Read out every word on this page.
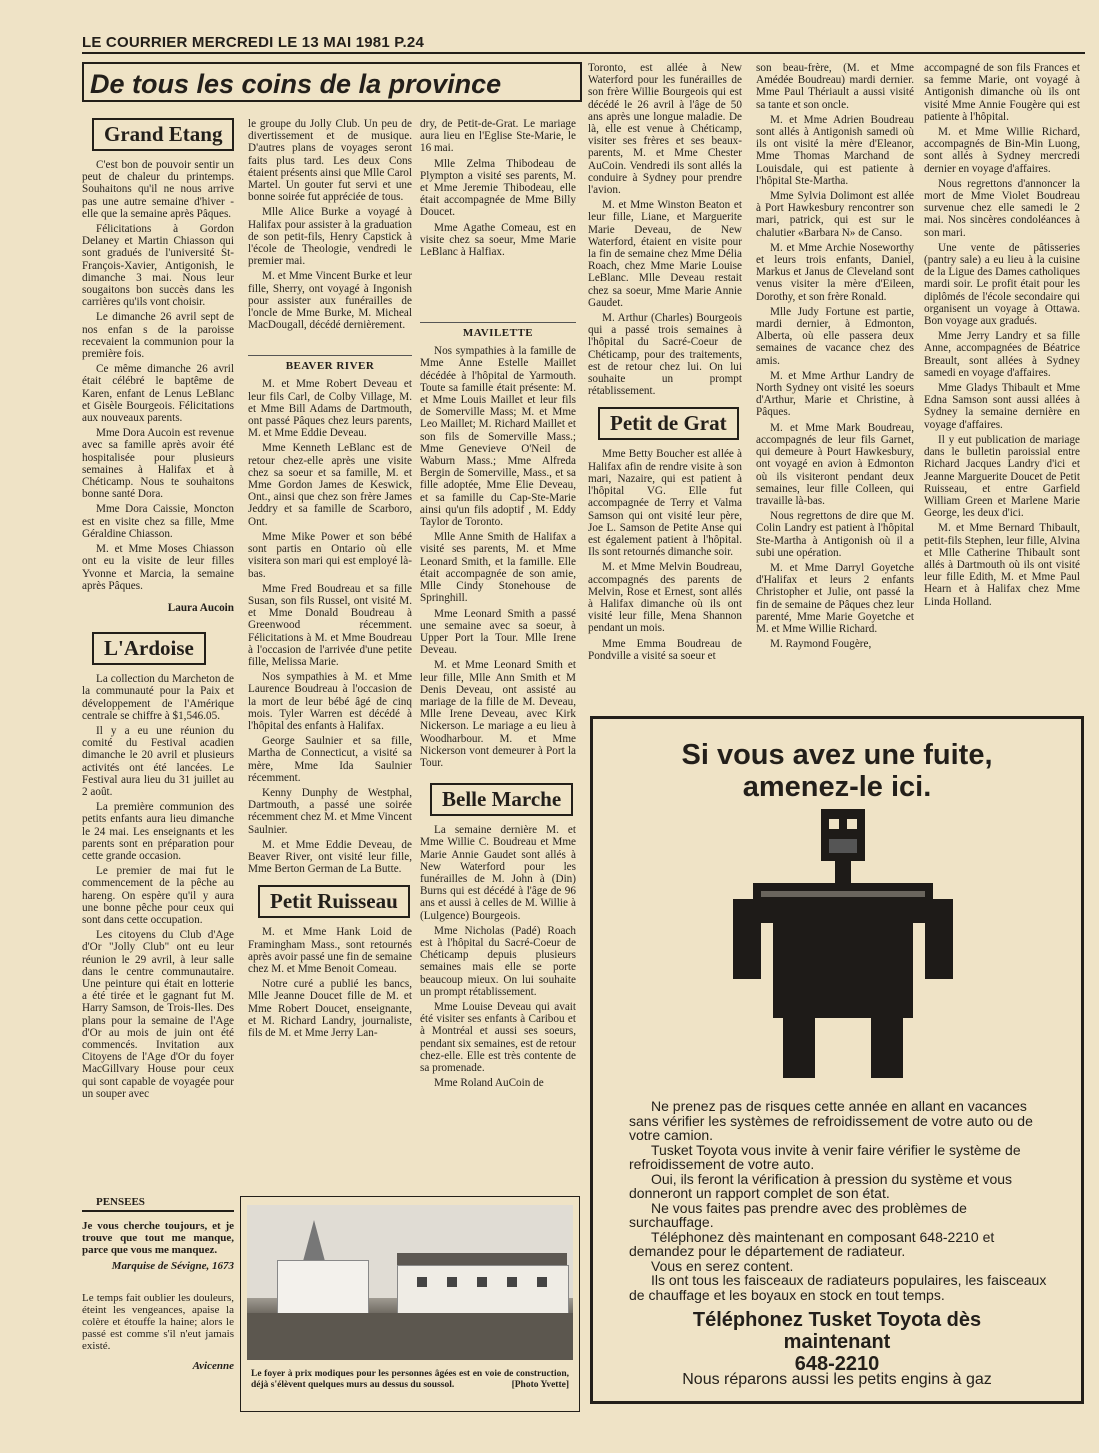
LE COURRIER MERCREDI LE 13 MAI 1981 P.24
De tous les coins de la province
Grand Etang

C'est bon de pouvoir sentir un peut de chaleur du printemps. Souhaitons qu'il ne nous arrive pas une autre semaine d'hiver - elle que la semaine après Pâques.

Félicitations à Gordon Delaney et Martin Chiasson qui sont gradués de l'université St-François-Xavier, Antigonish, le dimanche 3 mai. Nous leur sougaitons bon succès dans les carrières qu'ils vont choisir.

Le dimanche 26 avril sept de nos enfan s de la paroisse recevaient la communion pour la première fois.

Ce même dimanche 26 avril était célébré le baptême de Karen, enfant de Lenus LeBlanc et Gisèle Bourgeois. Félicitations aux nouveaux parents.

Mme Dora Aucoin est revenue avec sa famille après avoir été hospitalisée pour plusieurs semaines à Halifax et à Chéticamp. Nous te souhaitons bonne santé Dora.

Mme Dora Caissie, Moncton est en visite chez sa fille, Mme Géraldine Chiasson.

M. et Mme Moses Chiasson ont eu la visite de leur filles Yvonne et Marcia, la semaine après Pâques.

Laura Aucoin

L'Ardoise

La collection du Marcheton de la communauté pour la Paix et développement de l'Amérique centrale se chiffre à $1,546.05.

Il y a eu une réunion du comité du Festival acadien dimanche le 20 avril et plusieurs activités ont été lancées. Le Festival aura lieu du 31 juillet au 2 août.

La première communion des petits enfants aura lieu dimanche le 24 mai. Les enseignants et les parents sont en préparation pour cette grande occasion.

Le premier de mai fut le commencement de la pêche au hareng. On espère qu'il y aura une bonne pêche pour ceux qui sont dans cette occupation.

Les citoyens du Club d'Age d'Or "Jolly Club" ont eu leur réunion le 29 avril, à leur salle dans le centre communautaire. Une peinture qui était en lotterie a été tirée et le gagnant fut M. Harry Samson, de Trois-Iles. Des plans pour la semaine de l'Age d'Or au mois de juin ont été commencés. Invitation aux Citoyens de l'Age d'Or du foyer MacGillvary House pour ceux qui sont capable de voyagée pour un souper avec

le groupe du Jolly Club. Un peu de divertissement et de musique. D'autres plans de voyages seront faits plus tard. Les deux Cons étaient présents ainsi que Mlle Carol Martel. Un gouter fut servi et une bonne soirée fut appréciée de tous.

Mlle Alice Burke a voyagé à Halifax pour assister à la graduation de son petit-fils, Henry Capstick à l'école de Theologie, vendredi le premier mai.

M. et Mme Vincent Burke et leur fille, Sherry, ont voyagé à Ingonish pour assister aux funérailles de l'oncle de Mme Burke, M. Micheal MacDougall, décédé dernièrement.

BEAVER RIVER

M. et Mme Robert Deveau et leur fils Carl, de Colby Village, M. et Mme Bill Adams de Dartmouth, ont passé Pâques chez leurs parents, M. et Mme Eddie Deveau.

Mme Kenneth LeBlanc est de retour chez-elle après une visite chez sa soeur et sa famille, M. et Mme Gordon James de Keswick, Ont., ainsi que chez son frère James Jeddry et sa famille de Scarboro, Ont.

Mme Mike Power et son bébé sont partis en Ontario où elle visitera son mari qui est employé là-bas.

Mme Fred Boudreau et sa fille Susan, son fils Russel, ont visité M. et Mme Donald Boudreau à Greenwood récemment. Félicitations à M. et Mme Boudreau à l'occasion de l'arrivée d'une petite fille, Melissa Marie.

Nos sympathies à M. et Mme Laurence Boudreau à l'occasion de la mort de leur bébé âgé de cinq mois. Tyler Warren est décédé à l'hôpital des enfants à Halifax.

George Saulnier et sa fille, Martha de Connecticut, a visité sa mère, Mme Ida Saulnier récemment.

Kenny Dunphy de Westphal, Dartmouth, a passé une soirée récemment chez M. et Mme Vincent Saulnier.

M. et Mme Eddie Deveau, de Beaver River, ont visité leur fille, Mme Berton German de La Butte.

Petit Ruisseau

M. et Mme Hank Loid de Framingham Mass., sont retournés après avoir passé une fin de semaine chez M. et Mme Benoit Comeau.

Notre curé a publié les bancs, Mlle Jeanne Doucet fille de M. et Mme Robert Doucet, enseignante, et M. Richard Landry, journaliste, fils de M. et Mme Jerry Lan-

dry, de Petit-de-Grat. Le mariage aura lieu en l'Eglise Ste-Marie, le 16 mai.

Mlle Zelma Thibodeau de Plympton a visité ses parents, M. et Mme Jeremie Thibodeau, elle était accompagnée de Mme Billy Doucet.

Mme Agathe Comeau, est en visite chez sa soeur, Mme Marie LeBlanc à Halfiax.

MAVILETTE

Nos sympathies à la famille de Mme Anne Estelle Maillet décédée à l'hôpital de Yarmouth. Toute sa famille était présente: M. et Mme Louis Maillet et leur fils de Somerville Mass; M. et Mme Leo Maillet; M. Richard Maillet et son fils de Somerville Mass.; Mme Genevieve O'Neil de Waburn Mass.; Mme Alfreda Bergin de Somerville, Mass., et sa fille adoptée, Mme Elie Deveau, et sa famille du Cap-Ste-Marie ainsi qu'un fils adoptif , M. Eddy Taylor de Toronto.

Mlle Anne Smith de Halifax a visité ses parents, M. et Mme Leonard Smith, et la famille. Elle était accompagnée de son amie, Mlle Cindy Stonehouse de Springhill.

Mme Leonard Smith a passé une semaine avec sa soeur, à Upper Port la Tour. Mlle Irene Deveau.

M. et Mme Leonard Smith et leur fille, Mlle Ann Smith et M Denis Deveau, ont assisté au mariage de la fille de M. Deveau, Mlle Irene Deveau, avec Kirk Nickerson. Le mariage a eu lieu à Woodharbour. M. et Mme Nickerson vont demeurer à Port la Tour.

Belle Marche

La semaine dernière M. et Mme Willie C. Boudreau et Mme Marie Annie Gaudet sont allés à New Waterford pour les funérailles de M. John à (Din) Burns qui est décédé à l'âge de 96 ans et aussi à celles de M. Willie à (Lulgence) Bourgeois.

Mme Nicholas (Padé) Roach est à l'hôpital du Sacré-Coeur de Chéticamp depuis plusieurs semaines mais elle se porte beaucoup mieux. On lui souhaite un prompt rétablissement.

Mme Louise Deveau qui avait été visiter ses enfants à Caribou et à Montréal et aussi ses soeurs, pendant six semaines, est de retour chez-elle. Elle est très contente de sa promenade.

Mme Roland AuCoin de

Toronto, est allée à New Waterford pour les funérailles de son frère Willie Bourgeois qui est décédé le 26 avril à l'âge de 50 ans après une longue maladie. De là, elle est venue à Chéticamp, visiter ses frères et ses beaux-parents, M. et Mme Chester AuCoin. Vendredi ils sont allés la conduire à Sydney pour prendre l'avion.

M. et Mme Winston Beaton et leur fille, Liane, et Marguerite Marie Deveau, de New Waterford, étaient en visite pour la fin de semaine chez Mme Délia Roach, chez Mme Marie Louise LeBlanc. Mlle Deveau restait chez sa soeur, Mme Marie Annie Gaudet.

M. Arthur (Charles) Bourgeois qui a passé trois semaines à l'hôpital du Sacré-Coeur de Chéticamp, pour des traitements, est de retour chez lui. On lui souhaite un prompt rétablissement.

Petit de Grat

Mme Betty Boucher est allée à Halifax afin de rendre visite à son mari, Nazaire, qui est patient à l'hôpital VG. Elle fut accompagnée de Terry et Valma Samson qui ont visité leur père, Joe L. Samson de Petite Anse qui est également patient à l'hôpital. Ils sont retournés dimanche soir.

M. et Mme Melvin Boudreau, accompagnés des parents de Melvin, Rose et Ernest, sont allés à Halifax dimanche où ils ont visité leur fille, Mena Shannon pendant un mois.

Mme Emma Boudreau de Pondville a visité sa soeur et

son beau-frère, (M. et Mme Amédée Boudreau) mardi dernier. Mme Paul Thériault a aussi visité sa tante et son oncle.

M. et Mme Adrien Boudreau sont allés à Antigonish samedi où ils ont visité la mère d'Eleanor, Mme Thomas Marchand de Louisdale, qui est patiente à l'hôpital Ste-Martha.

Mme Sylvia Dolimont est allée à Port Hawkesbury rencontrer son mari, patrick, qui est sur le chalutier «Barbara N» de Canso.

M. et Mme Archie Noseworthy et leurs trois enfants, Daniel, Markus et Janus de Cleveland sont venus visiter la mère d'Eileen, Dorothy, et son frère Ronald.

Mlle Judy Fortune est partie, mardi dernier, à Edmonton, Alberta, où elle passera deux semaines de vacance chez des amis.

M. et Mme Arthur Landry de North Sydney ont visité les soeurs d'Arthur, Marie et Christine, à Pâques.

M. et Mme Mark Boudreau, accompagnés de leur fils Garnet, qui demeure à Pourt Hawkesbury, ont voyagé en avion à Edmonton où ils visiteront pendant deux semaines, leur fille Colleen, qui travaille là-bas.

Nous regrettons de dire que M. Colin Landry est patient à l'hôpital Ste-Martha à Antigonish où il a subi une opération.

M. et Mme Darryl Goyetche d'Halifax et leurs 2 enfants Christopher et Julie, ont passé la fin de semaine de Pâques chez leur parenté, Mme Marie Goyetche et M. et Mme Willie Richard.

M. Raymond Fougère,

accompagné de son fils Frances et sa femme Marie, ont voyagé à Antigonish dimanche où ils ont visité Mme Annie Fougère qui est patiente à l'hôpital.

M. et Mme Willie Richard, accompagnés de Bin-Min Luong, sont allés à Sydney mercredi dernier en voyage d'affaires.

Nous regrettons d'annoncer la mort de Mme Violet Boudreau survenue chez elle samedi le 2 mai. Nos sincères condoléances à son mari.

Une vente de pâtisseries (pantry sale) a eu lieu à la cuisine de la Ligue des Dames catholiques mardi soir. Le profit était pour les diplômés de l'école secondaire qui organisent un voyage à Ottawa. Bon voyage aux gradués.

Mme Jerry Landry et sa fille Anne, accompagnées de Béatrice Breault, sont allées à Sydney samedi en voyage d'affaires.

Mme Gladys Thibault et Mme Edna Samson sont aussi allées à Sydney la semaine dernière en voyage d'affaires.

Il y eut publication de mariage dans le bulletin paroissial entre Richard Jacques Landry d'ici et Jeanne Marguerite Doucet de Petit Ruisseau, et entre Garfield William Green et Marlene Marie George, les deux d'ici.

M. et Mme Bernard Thibault, petit-fils Stephen, leur fille, Alvina et Mlle Catherine Thibault sont allés à Dartmouth où ils ont visité leur fille Edith, M. et Mme Paul Hearn et à Halifax chez Mme Linda Holland.

PENSEES

Je vous cherche toujours, et je trouve que tout me manque, parce que vous me manquez.

Marquise de Sévigne, 1673

Le temps fait oublier les douleurs, éteint les vengeances, apaise la colère et étouffe la haine; alors le passé est comme s'il n'eut jamais existé.

Avicenne

Le foyer à prix modiques pour les personnes âgées est en voie de construction, déjà s'élèvent quelques murs au dessus du soussol.	[Photo Yvette]
Si vous avez une fuite,
amenez-le ici.

Ne prenez pas de risques cette année en allant en vacances sans vérifier les systèmes de refroidissement de votre auto ou de votre camion.

Tusket Toyota vous invite à venir faire vérifier le système de refroidissement de votre auto.

Oui, ils feront la vérification à pression du système et vous donneront un rapport complet de son état.

Ne vous faites pas prendre avec des problèmes de surchauffage.

Téléphonez dès maintenant en composant 648-2210 et demandez pour le département de radiateur.

Vous en serez content.

Ils ont tous les faisceaux de radiateurs populaires, les faisceaux de chauffage et les boyaux en stock en tout temps.

Téléphonez Tusket Toyota dès
maintenant
648-2210
Nous réparons aussi les petits engins à gaz
